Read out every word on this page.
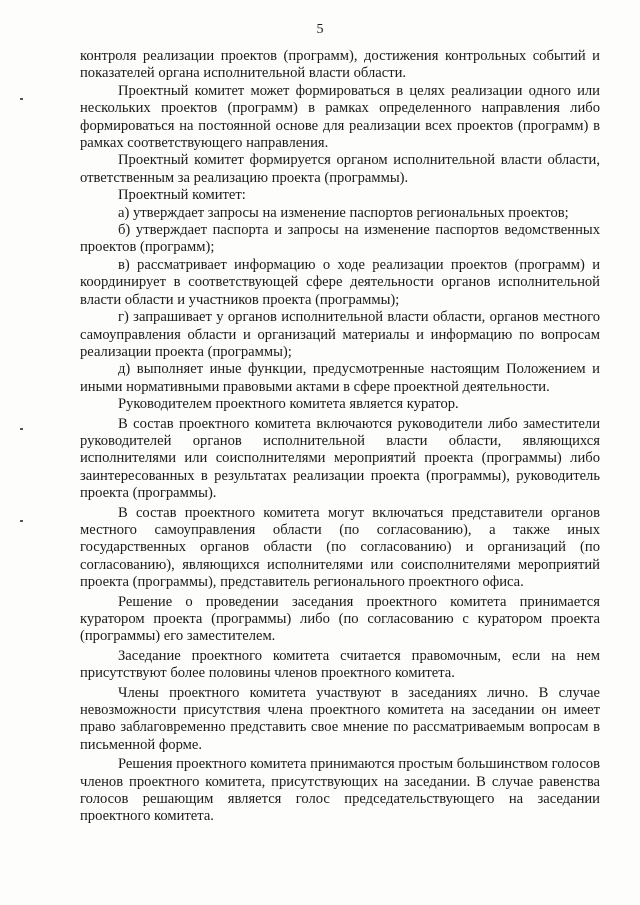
5

контроля реализации проектов (программ), достижения контрольных событий и показателей органа исполнительной власти области.

Проектный комитет может формироваться в целях реализации одного или нескольких проектов (программ) в рамках определенного направления либо формироваться на постоянной основе для реализации всех проектов (программ) в рамках соответствующего направления.

Проектный комитет формируется органом исполнительной власти области, ответственным за реализацию проекта (программы).

Проектный комитет:

а) утверждает запросы на изменение паспортов региональных проектов;

б) утверждает паспорта и запросы на изменение паспортов ведомственных проектов (программ);

в) рассматривает информацию о ходе реализации проектов (программ) и координирует в соответствующей сфере деятельности органов исполнительной власти области и участников проекта (программы);

г) запрашивает у органов исполнительной власти области, органов местного самоуправления области и организаций материалы и информацию по вопросам реализации проекта (программы);

д) выполняет иные функции, предусмотренные настоящим Положением и иными нормативными правовыми актами в сфере проектной деятельности.

Руководителем проектного комитета является куратор.

В состав проектного комитета включаются руководители либо заместители руководителей органов исполнительной власти области, являющихся исполнителями или соисполнителями мероприятий проекта (программы) либо заинтересованных в результатах реализации проекта (программы), руководитель проекта (программы).

В состав проектного комитета могут включаться представители органов местного самоуправления области (по согласованию), а также иных государственных органов области (по согласованию) и организаций (по согласованию), являющихся исполнителями или соисполнителями мероприятий проекта (программы), представитель регионального проектного офиса.

Решение о проведении заседания проектного комитета принимается куратором проекта (программы) либо (по согласованию с куратором проекта (программы) его заместителем.

Заседание проектного комитета считается правомочным, если на нем присутствуют более половины членов проектного комитета.

Члены проектного комитета участвуют в заседаниях лично. В случае невозможности присутствия члена проектного комитета на заседании он имеет право заблаговременно представить свое мнение по рассматриваемым вопросам в письменной форме.

Решения проектного комитета принимаются простым большинством голосов членов проектного комитета, присутствующих на заседании. В случае равенства голосов решающим является голос председательствующего на заседании проектного комитета.
